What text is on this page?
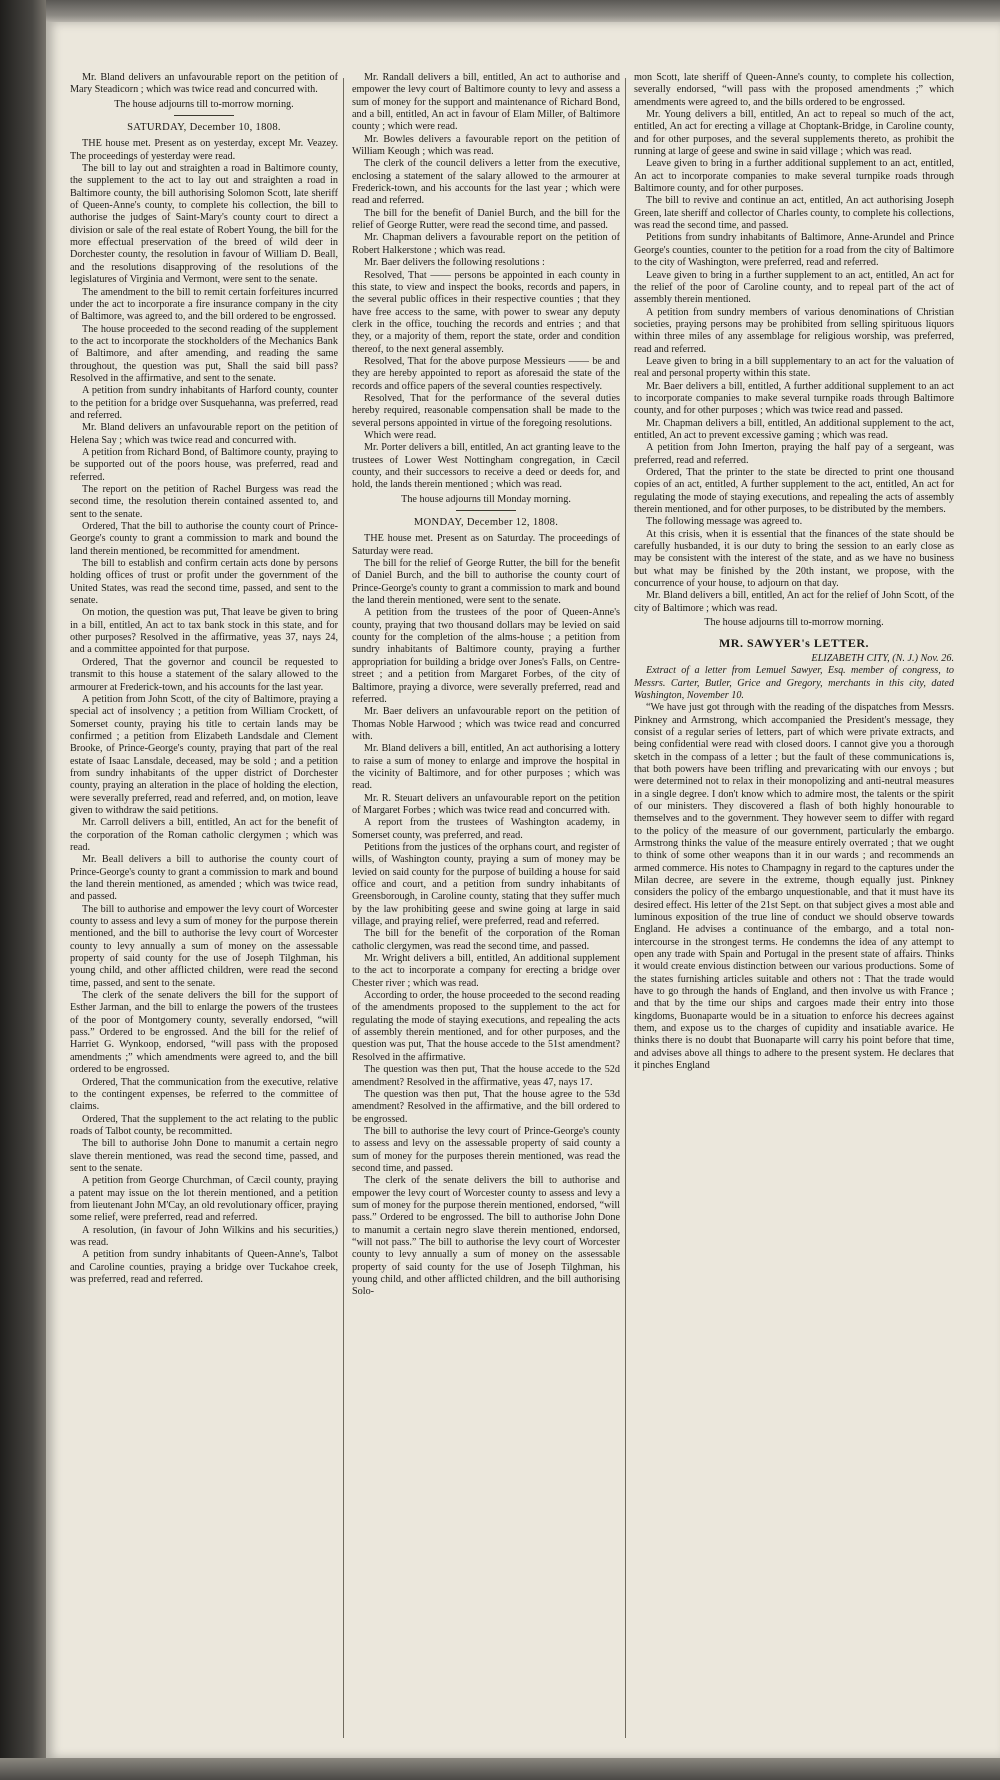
Mr. Bland delivers an unfavourable report on the petition of Mary Steadicorn ; which was twice read and concurred with.

The house adjourns till to-morrow morning.

SATURDAY, December 10, 1808.

THE house met. Present as on yesterday, except Mr. Veazey. The proceedings of yesterday were read.

The bill to lay out and straighten a road in Baltimore county, the supplement to the act to lay out and straighten a road in Baltimore county, the bill authorising Solomon Scott, late sheriff of Queen-Anne's county, to complete his collection, the bill to authorise the judges of Saint-Mary's county court to direct a division or sale of the real estate of Robert Young, the bill for the more effectual preservation of the breed of wild deer in Dorchester county, the resolution in favour of William D. Beall, and the resolutions disapproving of the resolutions of the legislatures of Virginia and Vermont, were sent to the senate.

The amendment to the bill to remit certain forfeitures incurred under the act to incorporate a fire insurance company in the city of Baltimore, was agreed to, and the bill ordered to be engrossed.

The house proceeded to the second reading of the supplement to the act to incorporate the stockholders of the Mechanics Bank of Baltimore, and after amending, and reading the same throughout, the question was put, Shall the said bill pass? Resolved in the affirmative, and sent to the senate.

A petition from sundry inhabitants of Harford county, counter to the petition for a bridge over Susquehanna, was preferred, read and referred.

Mr. Bland delivers an unfavourable report on the petition of Helena Say ; which was twice read and concurred with.

A petition from Richard Bond, of Baltimore county, praying to be supported out of the poors house, was preferred, read and referred.

The report on the petition of Rachel Burgess was read the second time, the resolution therein contained assented to, and sent to the senate.

Ordered, That the bill to authorise the county court of Prince-George's county to grant a commission to mark and bound the land therein mentioned, be recommitted for amendment.

The bill to establish and confirm certain acts done by persons holding offices of trust or profit under the government of the United States, was read the second time, passed, and sent to the senate.

On motion, the question was put, That leave be given to bring in a bill, entitled, An act to tax bank stock in this state, and for other purposes? Resolved in the affirmative, yeas 37, nays 24, and a committee appointed for that purpose.

Ordered, That the governor and council be requested to transmit to this house a statement of the salary allowed to the armourer at Frederick-town, and his accounts for the last year.

A petition from John Scott, of the city of Baltimore, praying a special act of insolvency ; a petition from William Crockett, of Somerset county, praying his title to certain lands may be confirmed ; a petition from Elizabeth Landsdale and Clement Brooke, of Prince-George's county, praying that part of the real estate of Isaac Lansdale, deceased, may be sold ; and a petition from sundry inhabitants of the upper district of Dorchester county, praying an alteration in the place of holding the election, were severally preferred, read and referred, and, on motion, leave given to withdraw the said petitions.

Mr. Carroll delivers a bill, entitled, An act for the benefit of the corporation of the Roman catholic clergymen ; which was read.

Mr. Beall delivers a bill to authorise the county court of Prince-George's county to grant a commission to mark and bound the land therein mentioned, as amended ; which was twice read, and passed.

The bill to authorise and empower the levy court of Worcester county to assess and levy a sum of money for the purpose therein mentioned, and the bill to authorise the levy court of Worcester county to levy annually a sum of money on the assessable property of said county for the use of Joseph Tilghman, his young child, and other afflicted children, were read the second time, passed, and sent to the senate.

The clerk of the senate delivers the bill for the support of Esther Jarman, and the bill to enlarge the powers of the trustees of the poor of Montgomery county, severally endorsed, “will pass.” Ordered to be engrossed. And the bill for the relief of Harriet G. Wynkoop, endorsed, “will pass with the proposed amendments ;” which amendments were agreed to, and the bill ordered to be engrossed.

Ordered, That the communication from the executive, relative to the contingent expenses, be referred to the committee of claims.

Ordered, That the supplement to the act relating to the public roads of Talbot county, be recommitted.

The bill to authorise John Done to manumit a certain negro slave therein mentioned, was read the second time, passed, and sent to the senate.

A petition from George Churchman, of Cæcil county, praying a patent may issue on the lot therein mentioned, and a petition from lieutenant John M'Cay, an old revolutionary officer, praying some relief, were preferred, read and referred.

A resolution, (in favour of John Wilkins and his securities,) was read.

A petition from sundry inhabitants of Queen-Anne's, Talbot and Caroline counties, praying a bridge over Tuckahoe creek, was preferred, read and referred.

Mr. Randall delivers a bill, entitled, An act to authorise and empower the levy court of Baltimore county to levy and assess a sum of money for the support and maintenance of Richard Bond, and a bill, entitled, An act in favour of Elam Miller, of Baltimore county ; which were read.

Mr. Bowles delivers a favourable report on the petition of William Keough ; which was read.

The clerk of the council delivers a letter from the executive, enclosing a statement of the salary allowed to the armourer at Frederick-town, and his accounts for the last year ; which were read and referred.

The bill for the benefit of Daniel Burch, and the bill for the relief of George Rutter, were read the second time, and passed.

Mr. Chapman delivers a favourable report on the petition of Robert Halkerstone ; which was read.

Mr. Baer delivers the following resolutions :

Resolved, That —— persons be appointed in each county in this state, to view and inspect the books, records and papers, in the several public offices in their respective counties ; that they have free access to the same, with power to swear any deputy clerk in the office, touching the records and entries ; and that they, or a majority of them, report the state, order and condition thereof, to the next general assembly.

Resolved, That for the above purpose Messieurs —— be and they are hereby appointed to report as aforesaid the state of the records and office papers of the several counties respectively.

Resolved, That for the performance of the several duties hereby required, reasonable compensation shall be made to the several persons appointed in virtue of the foregoing resolutions.

Which were read.

Mr. Porter delivers a bill, entitled, An act granting leave to the trustees of Lower West Nottingham congregation, in Cæcil county, and their successors to receive a deed or deeds for, and hold, the lands therein mentioned ; which was read.

The house adjourns till Monday morning.

MONDAY, December 12, 1808.

THE house met. Present as on Saturday. The proceedings of Saturday were read.

The bill for the relief of George Rutter, the bill for the benefit of Daniel Burch, and the bill to authorise the county court of Prince-George's county to grant a commission to mark and bound the land therein mentioned, were sent to the senate.

A petition from the trustees of the poor of Queen-Anne's county, praying that two thousand dollars may be levied on said county for the completion of the alms-house ; a petition from sundry inhabitants of Baltimore county, praying a further appropriation for building a bridge over Jones's Falls, on Centre-street ; and a petition from Margaret Forbes, of the city of Baltimore, praying a divorce, were severally preferred, read and referred.

Mr. Baer delivers an unfavourable report on the petition of Thomas Noble Harwood ; which was twice read and concurred with.

Mr. Bland delivers a bill, entitled, An act authorising a lottery to raise a sum of money to enlarge and improve the hospital in the vicinity of Baltimore, and for other purposes ; which was read.

Mr. R. Steuart delivers an unfavourable report on the petition of Margaret Forbes ; which was twice read and concurred with.

A report from the trustees of Washington academy, in Somerset county, was preferred, and read.

Petitions from the justices of the orphans court, and register of wills, of Washington county, praying a sum of money may be levied on said county for the purpose of building a house for said office and court, and a petition from sundry inhabitants of Greensborough, in Caroline county, stating that they suffer much by the law prohibiting geese and swine going at large in said village, and praying relief, were preferred, read and referred.

The bill for the benefit of the corporation of the Roman catholic clergymen, was read the second time, and passed.

Mr. Wright delivers a bill, entitled, An additional supplement to the act to incorporate a company for erecting a bridge over Chester river ; which was read.

According to order, the house proceeded to the second reading of the amendments proposed to the supplement to the act for regulating the mode of staying executions, and repealing the acts of assembly therein mentioned, and for other purposes, and the question was put, That the house accede to the 51st amendment? Resolved in the affirmative.

The question was then put, That the house accede to the 52d amendment? Resolved in the affirmative, yeas 47, nays 17.

The question was then put, That the house agree to the 53d amendment? Resolved in the affirmative, and the bill ordered to be engrossed.

The bill to authorise the levy court of Prince-George's county to assess and levy on the assessable property of said county a sum of money for the purposes therein mentioned, was read the second time, and passed.

The clerk of the senate delivers the bill to authorise and empower the levy court of Worcester county to assess and levy a sum of money for the purpose therein mentioned, endorsed, “will pass.” Ordered to be engrossed. The bill to authorise John Done to manumit a certain negro slave therein mentioned, endorsed, “will not pass.” The bill to authorise the levy court of Worcester county to levy annually a sum of money on the assessable property of said county for the use of Joseph Tilghman, his young child, and other afflicted children, and the bill authorising Solo-

mon Scott, late sheriff of Queen-Anne's county, to complete his collection, severally endorsed, “will pass with the proposed amendments ;” which amendments were agreed to, and the bills ordered to be engrossed.

Mr. Young delivers a bill, entitled, An act to repeal so much of the act, entitled, An act for erecting a village at Choptank-Bridge, in Caroline county, and for other purposes, and the several supplements thereto, as prohibit the running at large of geese and swine in said village ; which was read.

Leave given to bring in a further additional supplement to an act, entitled, An act to incorporate companies to make several turnpike roads through Baltimore county, and for other purposes.

The bill to revive and continue an act, entitled, An act authorising Joseph Green, late sheriff and collector of Charles county, to complete his collections, was read the second time, and passed.

Petitions from sundry inhabitants of Baltimore, Anne-Arundel and Prince George's counties, counter to the petition for a road from the city of Baltimore to the city of Washington, were preferred, read and referred.

Leave given to bring in a further supplement to an act, entitled, An act for the relief of the poor of Caroline county, and to repeal part of the act of assembly therein mentioned.

A petition from sundry members of various denominations of Christian societies, praying persons may be prohibited from selling spirituous liquors within three miles of any assemblage for religious worship, was preferred, read and referred.

Leave given to bring in a bill supplementary to an act for the valuation of real and personal property within this state.

Mr. Baer delivers a bill, entitled, A further additional supplement to an act to incorporate companies to make several turnpike roads through Baltimore county, and for other purposes ; which was twice read and passed.

Mr. Chapman delivers a bill, entitled, An additional supplement to the act, entitled, An act to prevent excessive gaming ; which was read.

A petition from John Imerton, praying the half pay of a sergeant, was preferred, read and referred.

Ordered, That the printer to the state be directed to print one thousand copies of an act, entitled, A further supplement to the act, entitled, An act for regulating the mode of staying executions, and repealing the acts of assembly therein mentioned, and for other purposes, to be distributed by the members.

The following message was agreed to.

At this crisis, when it is essential that the finances of the state should be carefully husbanded, it is our duty to bring the session to an early close as may be consistent with the interest of the state, and as we have no business but what may be finished by the 20th instant, we propose, with the concurrence of your house, to adjourn on that day.

Mr. Bland delivers a bill, entitled, An act for the relief of John Scott, of the city of Baltimore ; which was read.

The house adjourns till to-morrow morning.

MR. SAWYER's LETTER.

ELIZABETH CITY, (N. J.) Nov. 26.

Extract of a letter from Lemuel Sawyer, Esq. member of congress, to Messrs. Carter, Butler, Grice and Gregory, merchants in this city, dated Washington, November 10.

“We have just got through with the reading of the dispatches from Messrs. Pinkney and Armstrong, which accompanied the President's message, they consist of a regular series of letters, part of which were private extracts, and being confidential were read with closed doors. I cannot give you a thorough sketch in the compass of a letter ; but the fault of these communications is, that both powers have been trifling and prevaricating with our envoys ; but were determined not to relax in their monopolizing and anti-neutral measures in a single degree. I don't know which to admire most, the talents or the spirit of our ministers. They discovered a flash of both highly honourable to themselves and to the government. They however seem to differ with regard to the policy of the measure of our government, particularly the embargo. Armstrong thinks the value of the measure entirely overrated ; that we ought to think of some other weapons than it in our wards ; and recommends an armed commerce. His notes to Champagny in regard to the captures under the Milan decree, are severe in the extreme, though equally just. Pinkney considers the policy of the embargo unquestionable, and that it must have its desired effect. His letter of the 21st Sept. on that subject gives a most able and luminous exposition of the true line of conduct we should observe towards England. He advises a continuance of the embargo, and a total non-intercourse in the strongest terms. He condemns the idea of any attempt to open any trade with Spain and Portugal in the present state of affairs. Thinks it would create envious distinction between our various productions. Some of the states furnishing articles suitable and others not : That the trade would have to go through the hands of England, and then involve us with France ; and that by the time our ships and cargoes made their entry into those kingdoms, Buonaparte would be in a situation to enforce his decrees against them, and expose us to the charges of cupidity and insatiable avarice. He thinks there is no doubt that Buonaparte will carry his point before that time, and advises above all things to adhere to the present system. He declares that it pinches England
